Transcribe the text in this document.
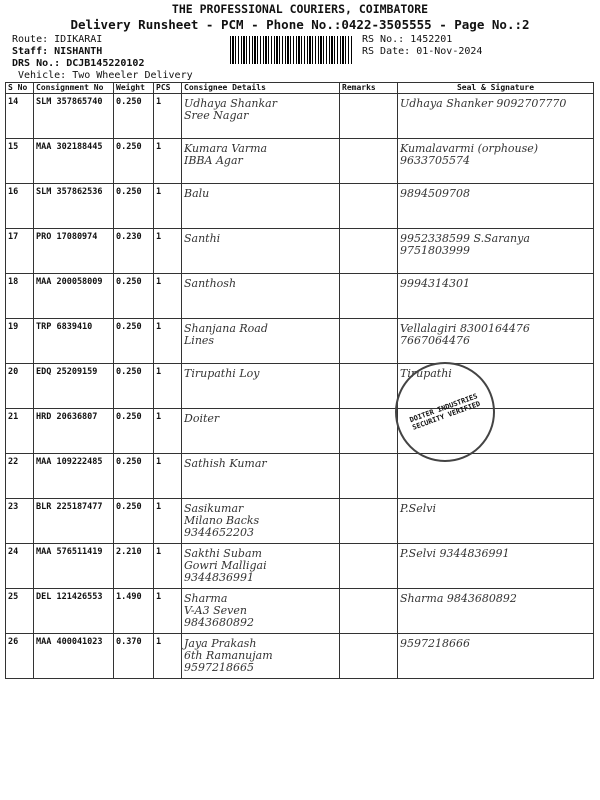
THE PROFESSIONAL COURIERS, COIMBATORE
Delivery Runsheet - PCM - Phone No.:0422-3505555 - Page No.:2
Route: IDIKARAI
Staff: NISHANTH
DRS No.: DCJB145220102
Vehicle: Two Wheeler Delivery
RS No.: 1452201
RS Date: 01-Nov-2024
S No	Consignment No	Weight	PCS	Consignee Details	Remarks	Seal & Signature
14	SLM 357865740	0.250	1	Udhaya Shankar
Sree Nagar		Udhaya Shanker 9092707770
15	MAA 302188445	0.250	1	Kumara Varma
IBBA Agar		Kumalavarmi (orphouse) 9633705574
16	SLM 357862536	0.250	1	Balu		9894509708
17	PRO 17080974	0.230	1	Santhi		9952338599 S.Saranya 9751803999
18	MAA 200058009	0.250	1	Santhosh		9994314301
19	TRP 6839410	0.250	1	Shanjana Road
Lines		Vellalagiri 8300164476 7667064476
20	EDQ 25209159	0.250	1	Tirupathi Loy		Tirupathi
21	HRD 20636807	0.250	1	Doiter		
22	MAA 109222485	0.250	1	Sathish Kumar		
23	BLR 225187477	0.250	1	Sasikumar
Milano Backs
9344652203		P.Selvi
24	MAA 576511419	2.210	1	Sakthi Subam
Gowri Malligai
9344836991		P.Selvi 9344836991
25	DEL 121426553	1.490	1	Sharma
V-A3 Seven
9843680892		Sharma 9843680892
26	MAA 400041023	0.370	1	Jaya Prakash
6th Ramanujam
9597218665		9597218666
DOITER INDUSTRIES SECURITY VERIFIED
